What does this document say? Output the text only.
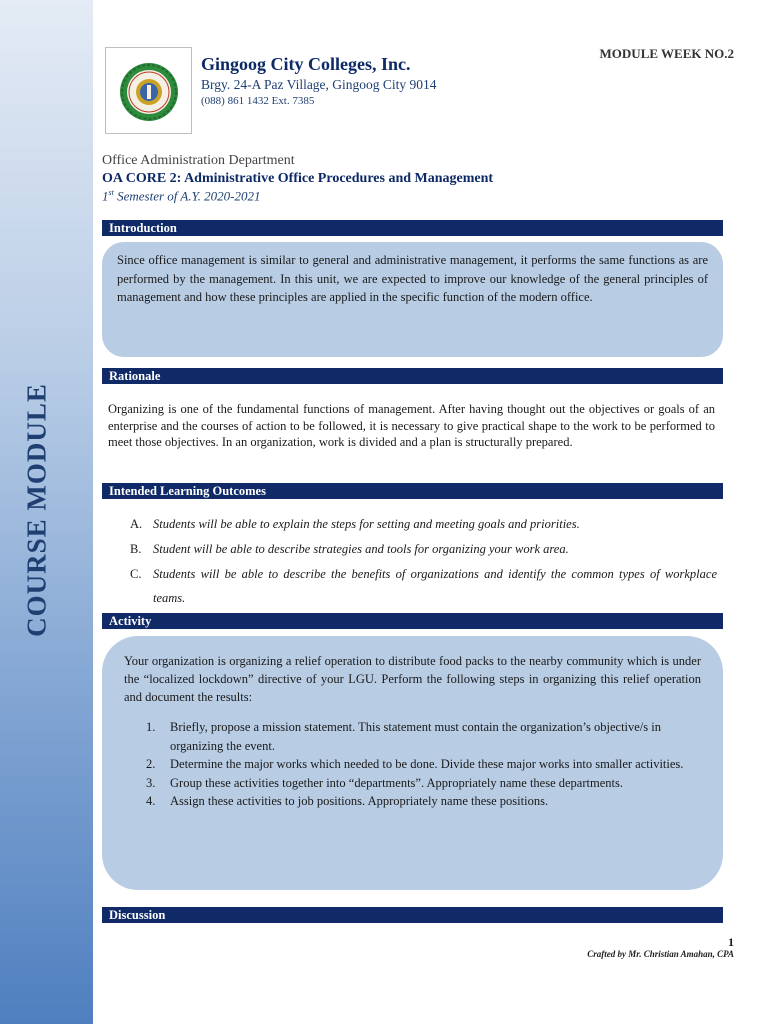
COURSE MODULE
Gingoog City Colleges, Inc.
Brgy. 24-A Paz Village, Gingoog City 9014
(088) 861 1432 Ext. 7385
MODULE WEEK NO.2
Office Administration Department
OA CORE 2: Administrative Office Procedures and Management
1st Semester of A.Y. 2020-2021
Introduction

Since office management is similar to general and administrative management, it performs the same functions as are performed by the management. In this unit, we are expected to improve our knowledge of the general principles of management and how these principles are applied in the specific function of the modern office.

Rationale

Organizing is one of the fundamental functions of management. After having thought out the objectives or goals of an enterprise and the courses of action to be followed, it is necessary to give practical shape to the work to be performed to meet those objectives. In an organization, work is divided and a plan is structurally prepared.

Intended Learning Outcomes
A. Students will be able to explain the steps for setting and meeting goals and priorities.
B. Student will be able to describe strategies and tools for organizing your work area.
C. Students will be able to describe the benefits of organizations and identify the common types of workplace teams.
Activity

Your organization is organizing a relief operation to distribute food packs to the nearby community which is under the “localized lockdown” directive of your LGU. Perform the following steps in organizing this relief operation and document the results:

1. Briefly, propose a mission statement. This statement must contain the organization’s objective/s in organizing the event.
2. Determine the major works which needed to be done. Divide these major works into smaller activities.
3. Group these activities together into “departments”. Appropriately name these departments.
4. Assign these activities to job positions. Appropriately name these positions.
Discussion
1
Crafted by Mr. Christian Amahan, CPA
